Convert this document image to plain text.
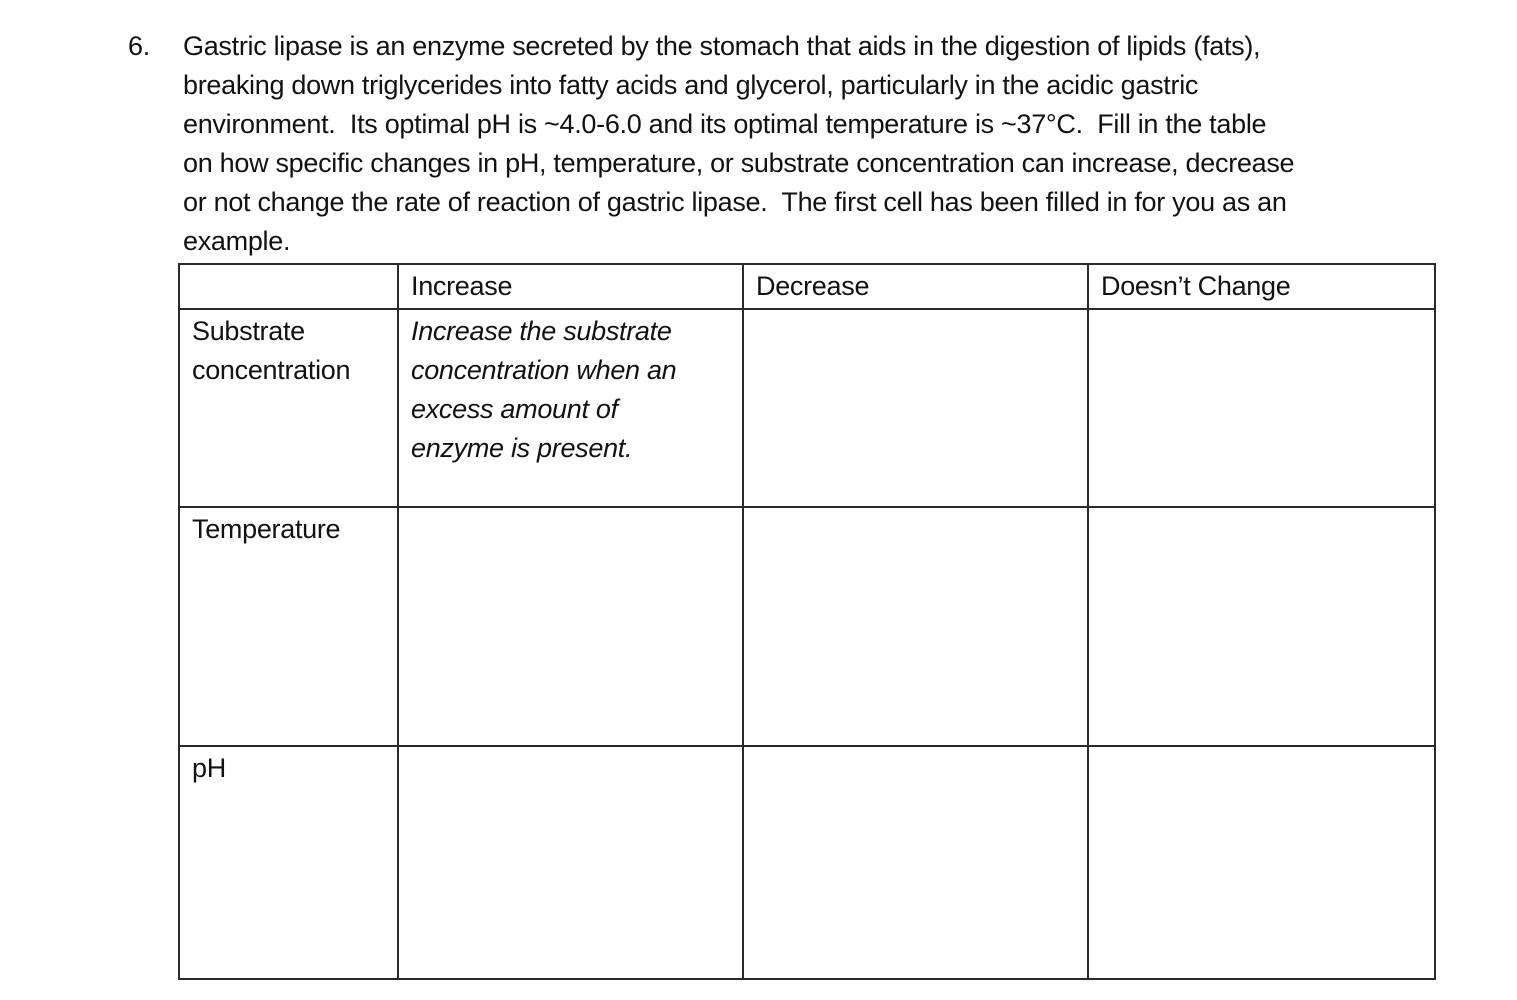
6.	Gastric lipase is an enzyme secreted by the stomach that aids in the digestion of lipids (fats),
breaking down triglycerides into fatty acids and glycerol, particularly in the acidic gastric
environment.  Its optimal pH is ~4.0-6.0 and its optimal temperature is ~37°C.  Fill in the table
on how specific changes in pH, temperature, or substrate concentration can increase, decrease
or not change the rate of reaction of gastric lipase.  The first cell has been filled in for you as an
example.
	Increase	Decrease	Doesn’t Change
Substrate concentration	Increase the substrate
concentration when an
excess amount of
enzyme is present.		

Temperature			
pH			
